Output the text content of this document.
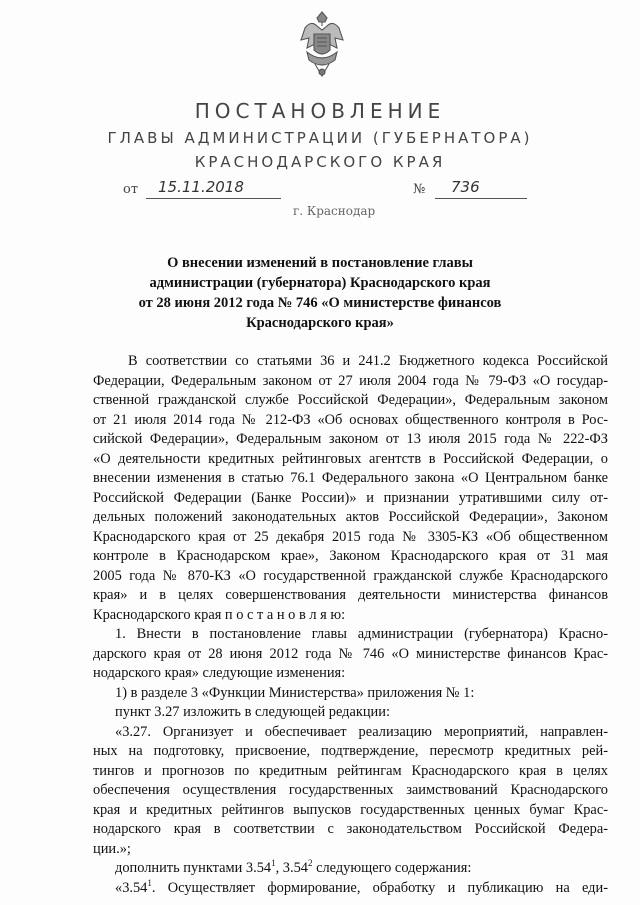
ПОСТАНОВЛЕНИЕ
ГЛАВЫ АДМИНИСТРАЦИИ (ГУБЕРНАТОРА)
КРАСНОДАРСКОГО КРАЯ
от 15.11.2018	№ 736
г. Краснодар
О внесении изменений в постановление главы
администрации (губернатора) Краснодарского края
от 28 июня 2012 года № 746 «О министерстве финансов
Краснодарского края»
В соответствии со статьями 36 и 241.2 Бюджетного кодекса Российской
Федерации, Федеральным законом от 27 июля 2004 года № 79-ФЗ «О государ-
ственной гражданской службе Российской Федерации», Федеральным законом
от 21 июля 2014 года № 212-ФЗ «Об основах общественного контроля в Рос-
сийской Федерации», Федеральным законом от 13 июля 2015 года № 222-ФЗ
«О деятельности кредитных рейтинговых агентств в Российской Федерации, о
внесении изменения в статью 76.1 Федерального закона «О Центральном банке
Российской Федерации (Банке России)» и признании утратившими силу от-
дельных положений законодательных актов Российской Федерации», Законом
Краснодарского края от 25 декабря 2015 года № 3305-КЗ «Об общественном
контроле в Краснодарском крае», Законом Краснодарского края от 31 мая
2005 года № 870-КЗ «О государственной гражданской службе Краснодарского
края» и в целях совершенствования деятельности министерства финансов
Краснодарского края п о с т а н о в л я ю:
1. Внести в постановление главы администрации (губернатора) Красно-
дарского края от 28 июня 2012 года № 746 «О министерстве финансов Крас-
нодарского края» следующие изменения:
1) в разделе 3 «Функции Министерства» приложения № 1:
пункт 3.27 изложить в следующей редакции:
«3.27. Организует и обеспечивает реализацию мероприятий, направлен-
ных на подготовку, присвоение, подтверждение, пересмотр кредитных рей-
тингов и прогнозов по кредитным рейтингам Краснодарского края в целях
обеспечения осуществления государственных заимствований Краснодарского
края и кредитных рейтингов выпусков государственных ценных бумаг Крас-
нодарского края в соответствии с законодательством Российской Федера-
ции.»;
дополнить пунктами 3.54$^1$, 3.54$^2$ следующего содержания:
«3.54$^1$. Осуществляет формирование, обработку и публикацию на еди-
